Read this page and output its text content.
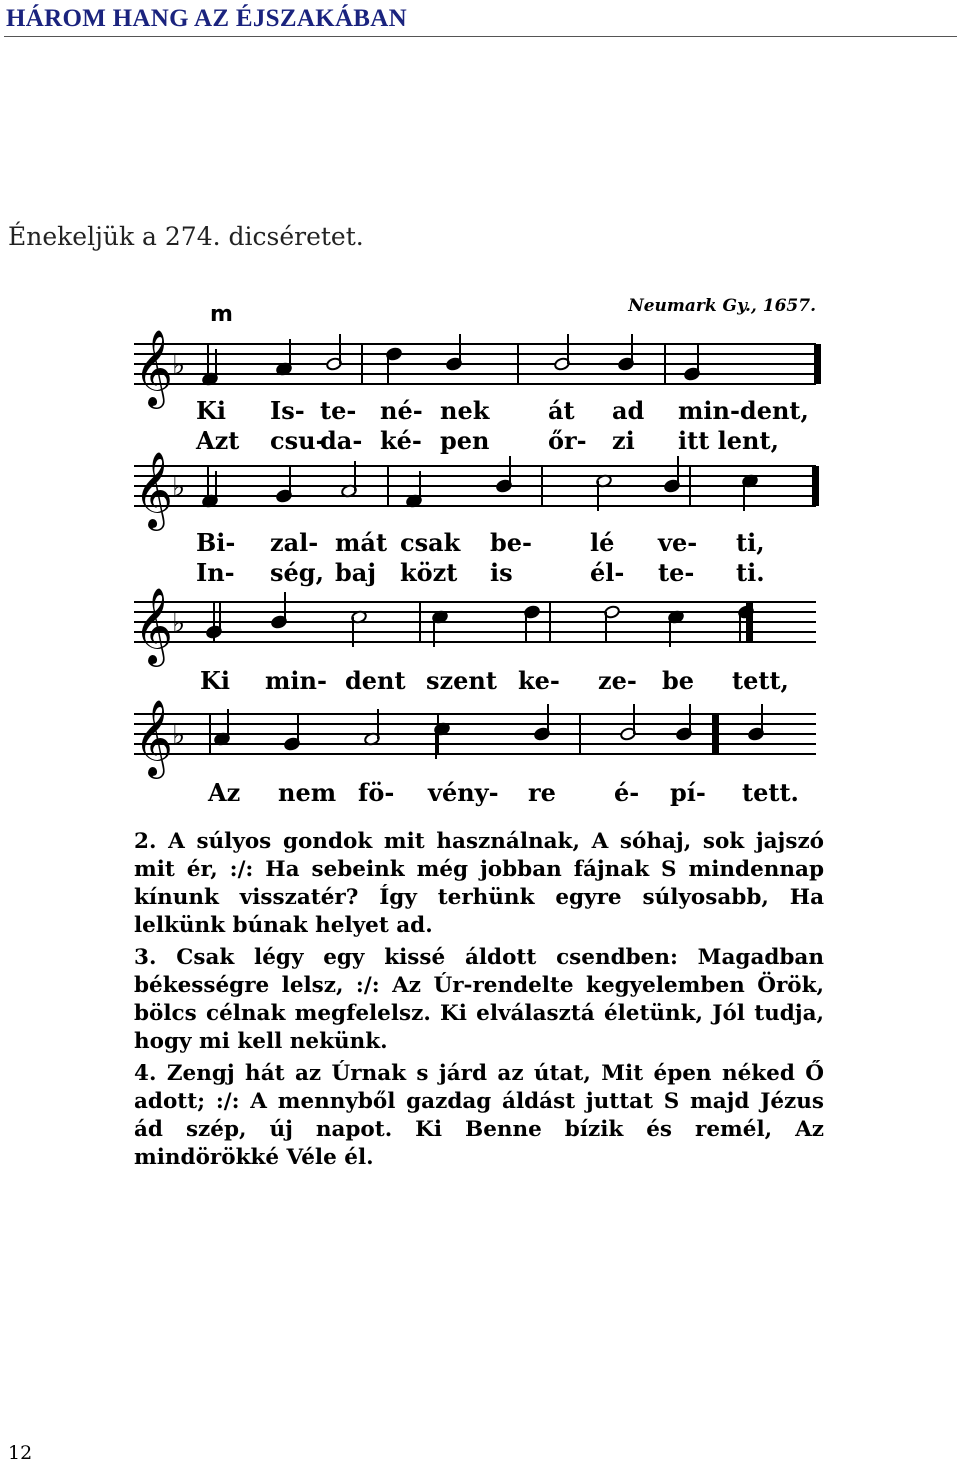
HÁROM HANG AZ ÉJSZAKÁBAN
Énekeljük a 274. dicséretet.
m	Neumark Gy., 1657.
𝄞
♭
Ki Is- te- né- nek át ad min-dent,
Azt csu-
da- ké- pen őr- zi itt lent,
𝄞
♭
Bi- zal- mát csak be- lé ve- ti,
In- ség, baj közt is	él- te- ti.
𝄞
♭
Ki min- dent szent ke- ze- be tett,
𝄞
♭
Az nem fö- vény- re é- pí- tett.

2. A súlyos gondok mit használnak, A sóhaj, sok jajszó mit ér, :/: Ha sebeink még jobban fájnak S mindennap kínunk visszatér? Így terhünk egyre súlyosabb, Ha lelkünk búnak helyet ad.

3. Csak légy egy kissé áldott csendben: Magadban békességre lelsz, :/: Az Úr-rendelte kegyelemben Örök, bölcs célnak megfelelsz. Ki elválasztá életünk, Jól tudja, hogy mi kell nekünk.

4. Zengj hát az Úrnak s járd az útat, Mit épen néked Ő adott; :/: A mennyből gazdag áldást juttat S majd Jézus ád szép, új napot. Ki Benne bízik és remél, Az mindörökké Véle él.

12
